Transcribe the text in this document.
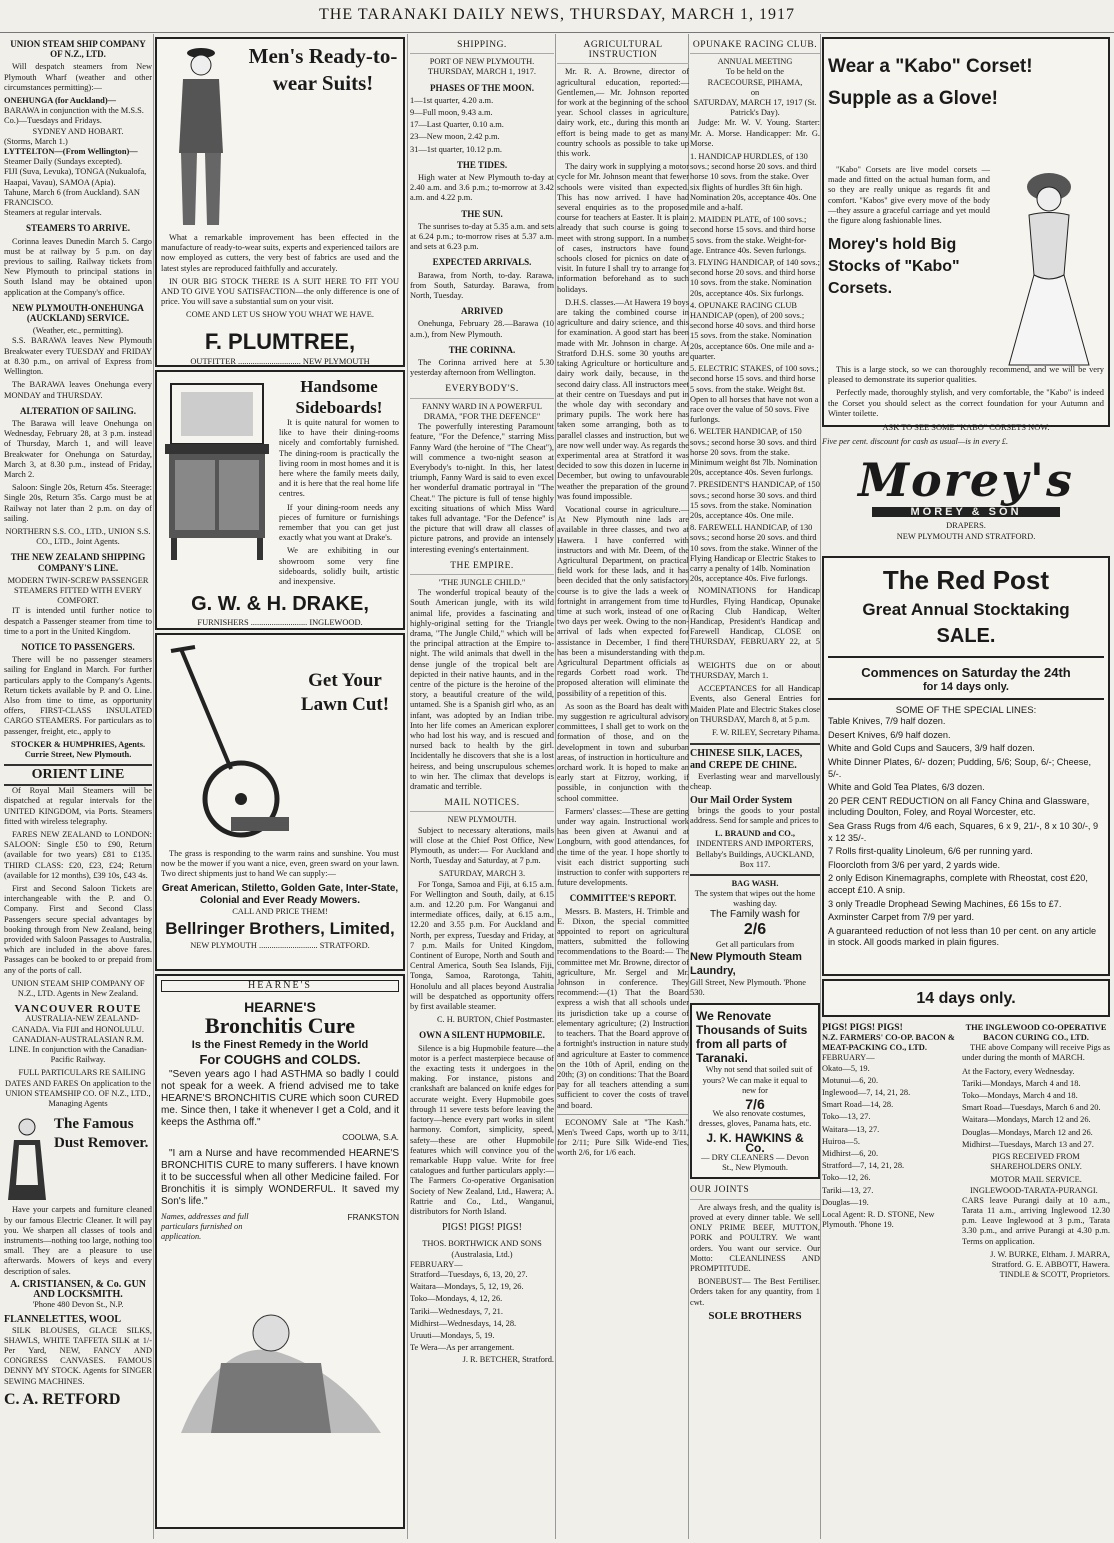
THE TARANAKI DAILY NEWS, THURSDAY, MARCH 1, 1917
UNION STEAM SHIP COMPANY OF N.Z., LTD.

Will despatch steamers from New Plymouth Wharf (weather and other circumstances permitting):—

ONEHUNGA (for Auckland)—
BARAWA in conjunction with the M.S.S. Co.)—Tuesdays and Fridays.
SYDNEY AND HOBART.
(Storms, March 1.)
LYTTELTON—(From Wellington)—
Steamer Daily (Sundays excepted).
FIJI (Suva, Levuka), TONGA (Nukualofa, Haapai, Vavau), SAMOA (Apia).
Tahune, March 6 (from Auckland). SAN FRANCISCO.
Steamers at regular intervals.
STEAMERS TO ARRIVE.

Corinna leaves Dunedin March 5. Cargo must be at railway by 5 p.m. on day previous to sailing. Railway tickets from New Plymouth to principal stations in South Island may be obtained upon application at the Company's office.

NEW PLYMOUTH-ONEHUNGA (AUCKLAND) SERVICE.
(Weather, etc., permitting).

S.S. BARAWA leaves New Plymouth Breakwater every TUESDAY and FRIDAY at 8.30 p.m., on arrival of Express from Wellington.

The BARAWA leaves Onehunga every MONDAY and THURSDAY.

ALTERATION OF SAILING.

The Barawa will leave Onehunga on Wednesday, February 28, at 3 p.m. instead of Thursday, March 1, and will leave Breakwater for Onehunga on Saturday, March 3, at 8.30 p.m., instead of Friday, March 2.

Saloon: Single 20s, Return 45s. Steerage: Single 20s, Return 35s. Cargo must be at Railway not later than 2 p.m. on day of sailing.

NORTHERN S.S. CO., LTD., UNION S.S. CO., LTD., Joint Agents.
THE NEW ZEALAND SHIPPING COMPANY'S LINE.
MODERN TWIN-SCREW PASSENGER STEAMERS FITTED WITH EVERY COMFORT.

IT is intended until further notice to despatch a Passenger steamer from time to time to a port in the United Kingdom.

NOTICE TO PASSENGERS.

There will be no passenger steamers sailing for England in March. For further particulars apply to the Company's Agents. Return tickets available by P. and O. Line. Also from time to time, as opportunity offers, FIRST-CLASS INSULATED CARGO STEAMERS. For particulars as to passenger, freight, etc., apply to

STOCKER & HUMPHRIES, Agents. Currie Street, New Plymouth.
ORIENT LINE

Of Royal Mail Steamers will be dispatched at regular intervals for the UNITED KINGDOM, via Ports. Steamers fitted with wireless telegraphy.

FARES NEW ZEALAND to LONDON: SALOON: Single £50 to £90, Return (available for two years) £81 to £135. THIRD CLASS: £20, £23, £24; Return (available for 12 months), £39 10s, £43 4s.

First and Second Saloon Tickets are interchangeable with the P. and O. Company. First and Second Class Passengers secure special advantages by booking through from New Zealand, being provided with Saloon Passages to Australia, which are included in the above fares. Passages can be booked to or prepaid from any of the ports of call.

UNION STEAM SHIP COMPANY OF N.Z., LTD. Agents in New Zealand.
VANCOUVER ROUTE

AUSTRALIA-NEW ZEALAND-CANADA. Via FIJI and HONOLULU. CANADIAN-AUSTRALASIAN R.M. LINE. In conjunction with the Canadian-Pacific Railway.

FULL PARTICULARS RE SAILING DATES AND FARES On application to the UNION STEAMSHIP CO. OF N.Z., LTD., Managing Agents

The Famous Dust Remover.

Have your carpets and furniture cleaned by our famous Electric Cleaner. It will pay you. We sharpen all classes of tools and instruments—nothing too large, nothing too small. They are a pleasure to use afterwards. Mowers of keys and every description of sales.

A. CRISTIANSEN, & Co. GUN AND LOCKSMITH.
'Phone 480 Devon St., N.P.
FLANNELETTES, WOOL

SILK BLOUSES, GLACE SILKS, SHAWLS, WHITE TAFFETA SILK at 1/- Per Yard, NEW, FANCY AND CONGRESS CANVASES. FAMOUS DENNY MY STOCK. Agents for SINGER SEWING MACHINES.

C. A. RETFORD
Men's Ready-to-wear Suits!

What a remarkable improvement has been effected in the manufacture of ready-to-wear suits, experts and experienced tailors are now employed as cutters, the very best of fabrics are used and the latest styles are reproduced faithfully and accurately.

IN OUR BIG STOCK THERE IS A SUIT HERE TO FIT YOU AND TO GIVE YOU SATISFACTION—the only difference is one of price. You will save a substantial sum on your visit.

COME AND LET US SHOW YOU WHAT WE HAVE.
F. PLUMTREE,
OUTFITTER .............................. NEW PLYMOUTH
Handsome Sideboards!

It is quite natural for women to like to have their dining-rooms nicely and comfortably furnished. The dining-room is practically the living room in most homes and it is here where the family meets daily, and it is here that the real home life centres.

If your dining-room needs any pieces of furniture or furnishings remember that you can get just exactly what you want at Drake's.

We are exhibiting in our showroom some very fine sideboards, solidly built, artistic and inexpensive.

G. W. & H. DRAKE,
FURNISHERS ........................... INGLEWOOD.
Get Your Lawn Cut!

The grass is responding to the warm rains and sunshine. You must now be the mower if you want a nice, even, green sward on your lawn. Two direct shipments just to hand We can supply:—

Great American, Stiletto, Golden Gate, Inter-State, Colonial and Ever Ready Mowers.
CALL AND PRICE THEM!
Bellringer Brothers, Limited,
NEW PLYMOUTH ............................ STRATFORD.
HEARNE'S
HEARNE'S
Bronchitis Cure
Is the Finest Remedy in the World
For COUGHS and COLDS.

"Seven years ago I had ASTHMA so badly I could not speak for a week. A friend advised me to take HEARNE'S BRONCHITIS CURE which soon CURED me. Since then, I take it whenever I get a Cold, and it keeps the Asthma off."

COOLWA, S.A.

"I am a Nurse and have recommended HEARNE'S BRONCHITIS CURE to many sufferers. I have known it to be successful when all other Medicine failed. For Bronchitis it is simply WONDERFUL. It saved my Son's life."

Names, addresses and full particulars furnished on application.
FRANKSTON
SHIPPING.
PORT OF NEW PLYMOUTH.
THURSDAY, MARCH 1, 1917.
PHASES OF THE MOON.
1—1st quarter, 4.20 a.m.
9—Full moon, 9.43 a.m.
17—Last Quarter, 0.10 a.m.
23—New moon, 2.42 p.m.
31—1st quarter, 10.12 p.m.
THE TIDES.

High water at New Plymouth to-day at 2.40 a.m. and 3.6 p.m.; to-morrow at 3.42 a.m. and 4.22 p.m.

THE SUN.

The sunrises to-day at 5.35 a.m. and sets at 6.24 p.m.; to-morrow rises at 5.37 a.m. and sets at 6.23 p.m.

EXPECTED ARRIVALS.

Barawa, from North, to-day. Rarawa, from South, Saturday. Barawa, from North, Tuesday.

ARRIVED

Onehunga, February 28.—Barawa (10 a.m.), from New Plymouth.

THE CORINNA.

The Corinna arrived here at 5.30 yesterday afternoon from Wellington.

EVERYBODY'S.
FANNY WARD IN A POWERFUL DRAMA, "FOR THE DEFENCE"

The powerfully interesting Paramount feature, "For the Defence," starring Miss Fanny Ward (the heroine of "The Cheat"), will commence a two-night season at Everybody's to-night. In this, her latest triumph, Fanny Ward is said to even excel her wonderful dramatic portrayal in "The Cheat." The picture is full of tense highly exciting situations of which Miss Ward takes full advantage. "For the Defence" is the picture that will draw all classes of picture patrons, and provide an intensely interesting evening's entertainment.

THE EMPIRE.
"THE JUNGLE CHILD."

The wonderful tropical beauty of the South American jungle, with its wild animal life, provides a fascinating and highly-original setting for the Triangle drama, "The Jungle Child," which will be the principal attraction at the Empire to-night. The wild animals that dwell in the dense jungle of the tropical belt are depicted in their native haunts, and in the centre of the picture is the heroine of the story, a beautiful creature of the wild, untamed. She is a Spanish girl who, as an infant, was adopted by an Indian tribe. Into her life comes an American explorer who had lost his way, and is rescued and nursed back to health by the girl. Incidentally he discovers that she is a lost heiress, and being unscrupulous schemes to win her. The climax that develops is dramatic and terrible.

MAIL NOTICES.
NEW PLYMOUTH.

Subject to necessary alterations, mails will close at the Chief Post Office, New Plymouth, as under:— For Auckland and North, Tuesday and Saturday, at 7 p.m.

SATURDAY, MARCH 3.

For Tonga, Samoa and Fiji, at 6.15 a.m. For Wellington and South, daily, at 6.15 a.m. and 12.20 p.m. For Wanganui and intermediate offices, daily, at 6.15 a.m., 12.20 and 3.55 p.m. For Auckland and North, per express, Tuesday and Friday, at 7 p.m. Mails for United Kingdom, Continent of Europe, North and South and Central America, South Sea Islands, Fiji, Tonga, Samoa, Rarotonga, Tahiti, Honolulu and all places beyond Australia will be despatched as opportunity offers by first available steamer.

C. H. BURTON, Chief Postmaster.
OWN A SILENT HUPMOBILE.

Silence is a big Hupmobile feature—the motor is a perfect masterpiece because of the exacting tests it undergoes in the making. For instance, pistons and crankshaft are balanced on knife edges for accurate weight. Every Hupmobile goes through 11 severe tests before leaving the factory—hence every part works in silent harmony. Comfort, simplicity, speed, safety—these are other Hupmobile features which will convince you of the remarkable Hupp value. Write for free catalogues and further particulars apply:—The Farmers Co-operative Organisation Society of New Zealand, Ltd., Hawera; A. Rattrie and Co., Ltd., Wanganui, distributors for North Island.

PIGS! PIGS! PIGS!
THOS. BORTHWICK AND SONS (Australasia, Ltd.)
FEBRUARY—
Stratford—Tuesdays, 6, 13, 20, 27.
Waitara—Mondays, 5, 12, 19, 26.
Toko—Mondays, 4, 12, 26.
Tariki—Wednesdays, 7, 21.
Midhirst—Wednesdays, 14, 28.
Uruuti—Mondays, 5, 19.
Te Wera—As per arrangement.
J. R. BETCHER, Stratford.
AGRICULTURAL INSTRUCTION

Mr. R. A. Browne, director of agricultural education, reported:—Gentlemen,— Mr. Johnson reported for work at the beginning of the school year. School classes in agriculture, dairy work, etc., during this month an effort is being made to get as many country schools as possible to take up this work.

The dairy work in supplying a motor cycle for Mr. Johnson meant that fewer schools were visited than expected. This has now arrived. I have had several enquiries as to the proposed course for teachers at Easter. It is plain already that such course is going to meet with strong support. In a number of cases, instructors have found schools closed for picnics on date of visit. In future I shall try to arrange for information beforehand as to such holidays.

D.H.S. classes.—At Hawera 19 boys are taking the combined course in agriculture and dairy science, and this for examination. A good start has been made with Mr. Johnson in charge. At Stratford D.H.S. some 30 youths are taking Agriculture or horticulture and dairy work daily, because, in the second dairy class. All instructors meet at their centre on Tuesdays and put in the whole day with secondary and primary pupils. The work here has taken some arranging, both as to parallel classes and instruction, but we are now well under way. As regards the experimental area at Stratford it was decided to sow this dozen in lucerne in December, but owing to unfavourable weather the preparation of the ground was found impossible.

Vocational course in agriculture.—At New Plymouth nine lads are available in three classes, and two at Hawera. I have conferred with instructors and with Mr. Deem, of the Agricultural Department, on practical field work for these lads, and it has been decided that the only satisfactory course is to give the lads a week or fortnight in arrangement from time to time at such work, instead of one or two days per week. Owing to the non-arrival of lads when expected for assistance in December, I find there has been a misunderstanding with the Agricultural Department officials as regards Corbett road work. The proposed alteration will eliminate the possibility of a repetition of this.

As soon as the Board has dealt with my suggestion re agricultural advisory committees, I shall get to work on the formation of those, and on the development in town and suburban areas, of instruction in horticulture and orchard work. It is hoped to make an early start at Fitzroy, working, if possible, in conjunction with the school committee.

Farmers' classes:—These are getting under way again. Instructional work has been given at Awanui and at Longburn, with good attendances, for the time of the year. I hope shortly to visit each district supporting such instruction to confer with supporters re future developments.

COMMITTEE'S REPORT.

Messrs. B. Masters, H. Trimble and E. Dixon, the special committee appointed to report on agricultural matters, submitted the following recommendations to the Board:— The committee met Mr. Browne, director of agriculture, Mr. Sergel and Mr. Johnson in conference. They recommend:—(1) That the Board express a wish that all schools under its jurisdiction take up a course of elementary agriculture; (2) Instruction to teachers. That the Board approve of a fortnight's instruction in nature study and agriculture at Easter to commence on the 10th of April, ending on the 20th; (3) on conditions: That the Board pay for all teachers attending a sum sufficient to cover the costs of travel and board.

ECONOMY Sale at "The Kash." Men's Tweed Caps, worth up to 3/11, for 2/11; Pure Silk Wide-end Ties, worth 2/6, for 1/6 each.

OPUNAKE RACING CLUB.
ANNUAL MEETING
To be held on the
RACECOURSE, PIHAMA,
on
SATURDAY, MARCH 17, 1917 (St. Patrick's Day).

Judge: Mr. W. V. Young. Starter: Mr. A. Morse. Handicapper: Mr. G. Morse.

1. HANDICAP HURDLES, of 130 sovs.; second horse 20 sovs. and third horse 10 sovs. from the stake. Over six flights of hurdles 3ft 6in high. Nomination 20s, acceptance 40s. One mile and a-half.
2. MAIDEN PLATE, of 100 sovs.; second horse 15 sovs. and third horse 5 sovs. from the stake. Weight-for-age. Entrance 40s. Seven furlongs.
3. FLYING HANDICAP, of 140 sovs.; second horse 20 sovs. and third horse 10 sovs. from the stake. Nomination 20s, acceptance 40s. Six furlongs.
4. OPUNAKE RACING CLUB HANDICAP (open), of 200 sovs.; second horse 40 sovs. and third horse 15 sovs. from the stake. Nomination 20s, acceptance 60s. One mile and a-quarter.
5. ELECTRIC STAKES, of 100 sovs.; second horse 15 sovs. and third horse 5 sovs. from the stake. Weight 8st. Open to all horses that have not won a race over the value of 50 sovs. Five furlongs.
6. WELTER HANDICAP, of 150 sovs.; second horse 30 sovs. and third horse 20 sovs. from the stake. Minimum weight 8st 7lb. Nomination 20s, acceptance 40s. Seven furlongs.
7. PRESIDENT'S HANDICAP, of 150 sovs.; second horse 30 sovs. and third 15 sovs. from the stake. Nomination 20s, acceptance 40s. One mile.
8. FAREWELL HANDICAP, of 130 sovs.; second horse 20 sovs. and third 10 sovs. from the stake. Winner of the Flying Handicap or Electric Stakes to carry a penalty of 14lb. Nomination 20s, acceptance 40s. Five furlongs.

NOMINATIONS for Handicap Hurdles, Flying Handicap, Opunake Racing Club Handicap, Welter Handicap, President's Handicap and Farewell Handicap, CLOSE on THURSDAY, FEBRUARY 22, at 5 p.m.

WEIGHTS due on or about THURSDAY, March 1.

ACCEPTANCES for all Handicap Events, also General Entries for Maiden Plate and Electric Stakes close on THURSDAY, March 8, at 5 p.m.

F. W. RILEY, Secretary Pihama.
CHINESE SILK, LACES, and CREPE DE CHINE.

Everlasting wear and marvellously cheap.

Our Mail Order System

brings the goods to your postal address. Send for sample and prices to

L. BRAUND and CO.,
INDENTERS AND IMPORTERS, Bellaby's Buildings, AUCKLAND, Box 117.
BAG WASH.
The system that wipes out the home washing day.
The Family wash for
2/6
Get all particulars from
New Plymouth Steam Laundry,
Gill Street, New Plymouth. 'Phone 530.
We Renovate Thousands of Suits from all parts of Taranaki.

Why not send that soiled suit of yours? We can make it equal to new for

7/6

We also renovate costumes, dresses, gloves, Panama hats, etc.

J. K. HAWKINS & Co.
— DRY CLEANERS — Devon St., New Plymouth.
OUR JOINTS

Are always fresh, and the quality is proved at every dinner table. We sell ONLY PRIME BEEF, MUTTON, PORK and POULTRY. We want orders. You want our service. Our Motto: CLEANLINESS AND PROMPTITUDE.

BONEBUST— The Best Fertiliser. Orders taken for any quantity, from 1 cwt.

SOLE BROTHERS
Wear a "Kabo" Corset!
Supple as a Glove!

"Kabo" Corsets are live model corsets —made and fitted on the actual human form, and so they are really unique as regards fit and comfort. "Kabos" give every move of the body—they assure a graceful carriage and yet mould the figure along fashionable lines.

Morey's hold Big Stocks of "Kabo" Corsets.

This is a large stock, so we can thoroughly recommend, and we will be very pleased to demonstrate its superior qualities.

Perfectly made, thoroughly stylish, and very comfortable, the "Kabo" is indeed the Corset you should select as the correct foundation for your Autumn and Winter toilette.

ASK TO SEE SOME "KABO" CORSETS NOW.
Five per cent. discount for cash as usual—is in every £.
Morey's
MOREY & SON
DRAPERS.
NEW PLYMOUTH AND STRATFORD.
The Red Post
Great Annual Stocktaking
SALE.
Commences on Saturday the 24th
for 14 days only.
SOME OF THE SPECIAL LINES:
Table Knives, 7/9 half dozen.
Desert Knives, 6/9 half dozen.
White and Gold Cups and Saucers, 3/9 half dozen.
White Dinner Plates, 6/- dozen; Pudding, 5/6; Soup, 6/-; Cheese, 5/-.
White and Gold Tea Plates, 6/3 dozen.
20 PER CENT REDUCTION on all Fancy China and Glassware, including Doulton, Foley, and Royal Worcester, etc.
Sea Grass Rugs from 4/6 each, Squares, 6 x 9, 21/-, 8 x 10 30/-, 9 x 12 35/-.
7 Rolls first-quality Linoleum, 6/6 per running yard.
Floorcloth from 3/6 per yard, 2 yards wide.
2 only Edison Kinemagraphs, complete with Rheostat, cost £20, accept £10. A snip.
3 only Treadle Drophead Sewing Machines, £6 15s to £7.
Axminster Carpet from 7/9 per yard.
A guaranteed reduction of not less than 10 per cent. on any article in stock. All goods marked in plain figures.
14 days only.
PIGS! PIGS! PIGS!
N.Z. FARMERS' CO-OP. BACON & MEAT-PACKING CO., LTD.
FEBRUARY—
Okato—5, 19.
Motunui—6, 20.
Inglewood—7, 14, 21, 28.
Smart Road—14, 28.
Toko—13, 27.
Waitara—13, 27.
Huiroa—5.
Midhirst—6, 20.
Stratford—7, 14, 21, 28.
Toko—12, 26.
Tariki—13, 27.
Douglas—19.
Local Agent: R. D. STONE, New Plymouth. 'Phone 19.
THE INGLEWOOD CO-OPERATIVE BACON CURING CO., LTD.

THE above Company will receive Pigs as under during the month of MARCH.

At the Factory, every Wednesday.
Tariki—Mondays, March 4 and 18.
Toko—Mondays, March 4 and 18.
Smart Road—Tuesdays, March 6 and 20.
Waitara—Mondays, March 12 and 26.
Douglas—Mondays, March 12 and 26.
Midhirst—Tuesdays, March 13 and 27.
PIGS RECEIVED FROM SHAREHOLDERS ONLY.
MOTOR MAIL SERVICE.

INGLEWOOD-TARATA-PURANGI. CARS leave Purangi daily at 10 a.m., Tarata 11 a.m., arriving Inglewood 12.30 p.m. Leave Inglewood at 3 p.m., Tarata 3.30 p.m., and arrive Purangi at 4.30 p.m. Terms on application.

J. W. BURKE, Eltham. J. MARRA, Stratford. G. E. ABBOTT, Hawera.
TINDLE & SCOTT, Proprietors.
